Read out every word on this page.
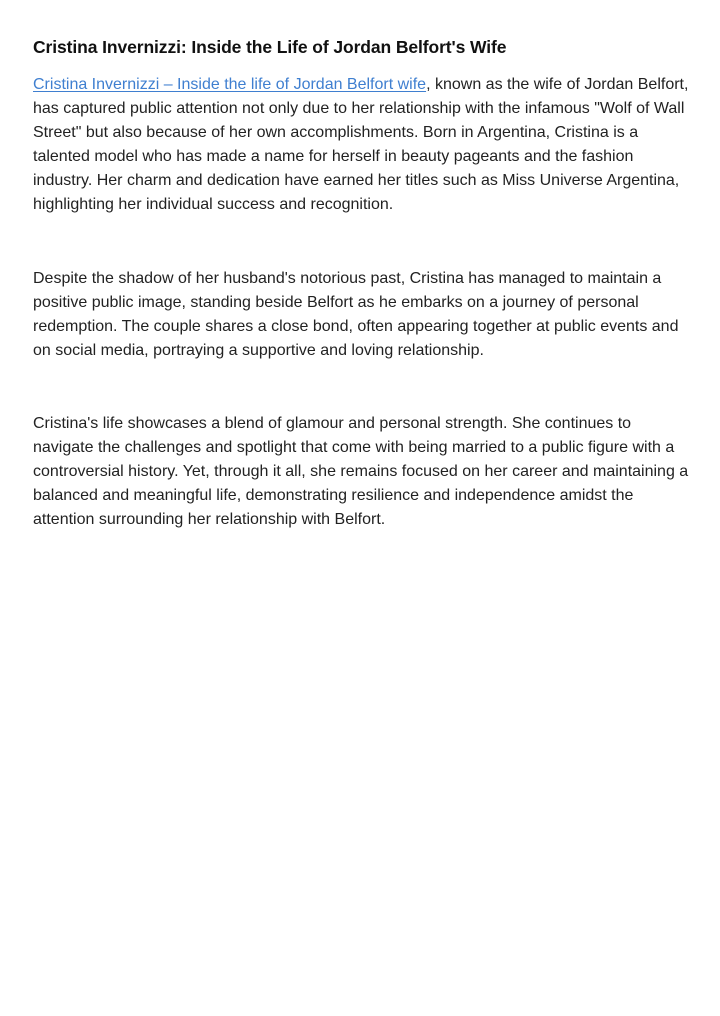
Cristina Invernizzi: Inside the Life of Jordan Belfort's Wife

Cristina Invernizzi – Inside the life of Jordan Belfort wife, known as the wife of Jordan Belfort, has captured public attention not only due to her relationship with the infamous "Wolf of Wall Street" but also because of her own accomplishments. Born in Argentina, Cristina is a talented model who has made a name for herself in beauty pageants and the fashion industry. Her charm and dedication have earned her titles such as Miss Universe Argentina, highlighting her individual success and recognition.

Despite the shadow of her husband's notorious past, Cristina has managed to maintain a positive public image, standing beside Belfort as he embarks on a journey of personal redemption. The couple shares a close bond, often appearing together at public events and on social media, portraying a supportive and loving relationship.

Cristina's life showcases a blend of glamour and personal strength. She continues to navigate the challenges and spotlight that come with being married to a public figure with a controversial history. Yet, through it all, she remains focused on her career and maintaining a balanced and meaningful life, demonstrating resilience and independence amidst the attention surrounding her relationship with Belfort.
